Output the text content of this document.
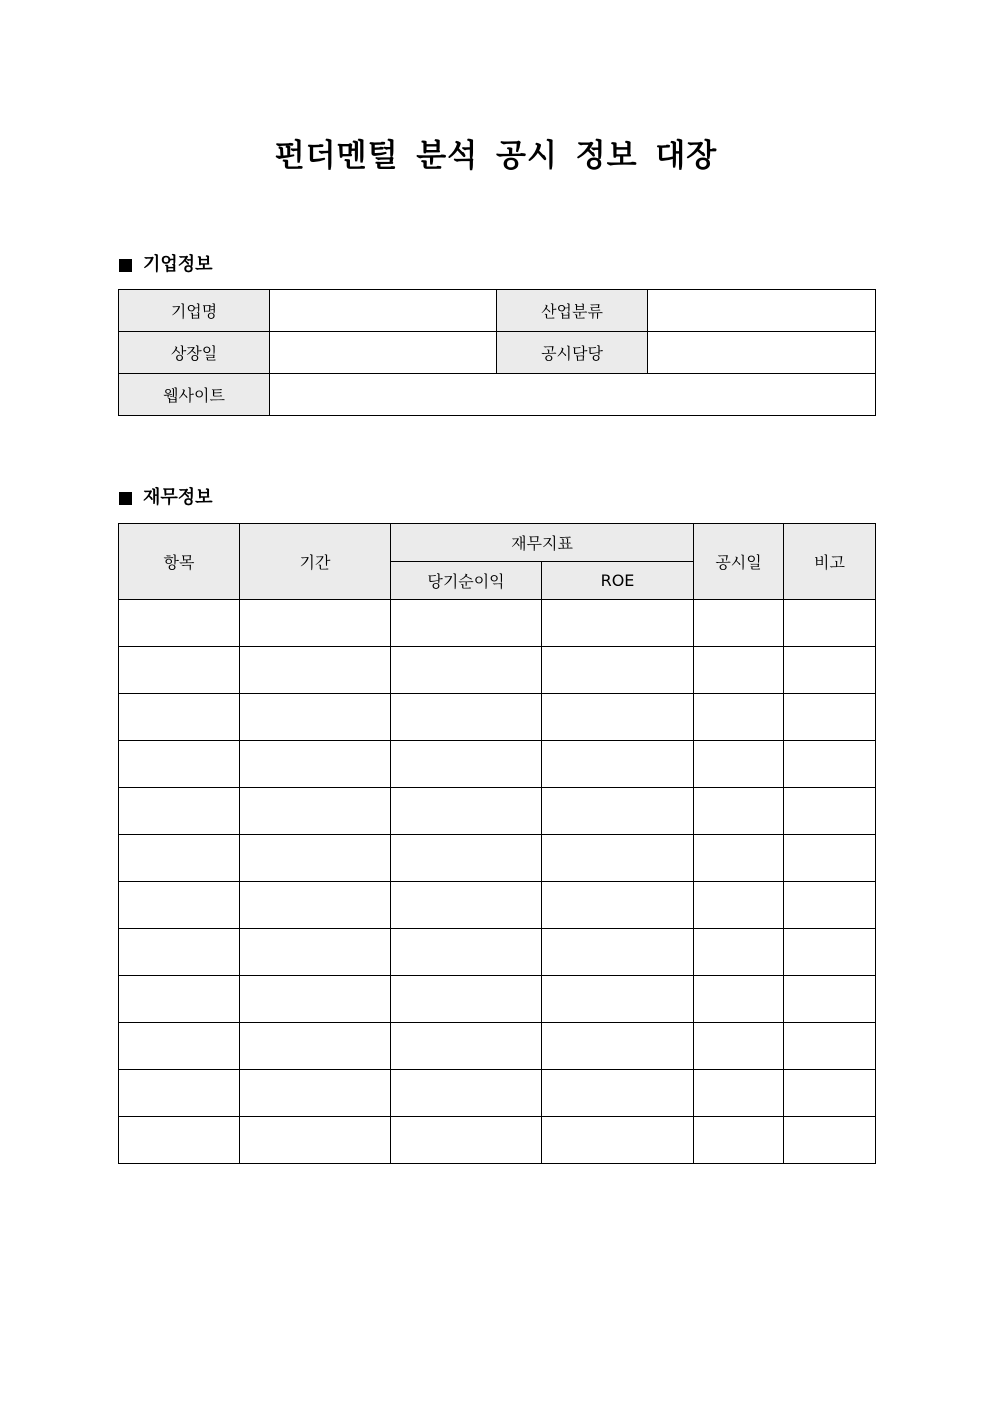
펀더멘털 분석 공시 정보 대장
기업정보
기업명		산업분류	
상장일		공시담당	
웹사이트			
재무정보
항목	기간	재무지표		공시일	비고
		당기순이익	ROE		
